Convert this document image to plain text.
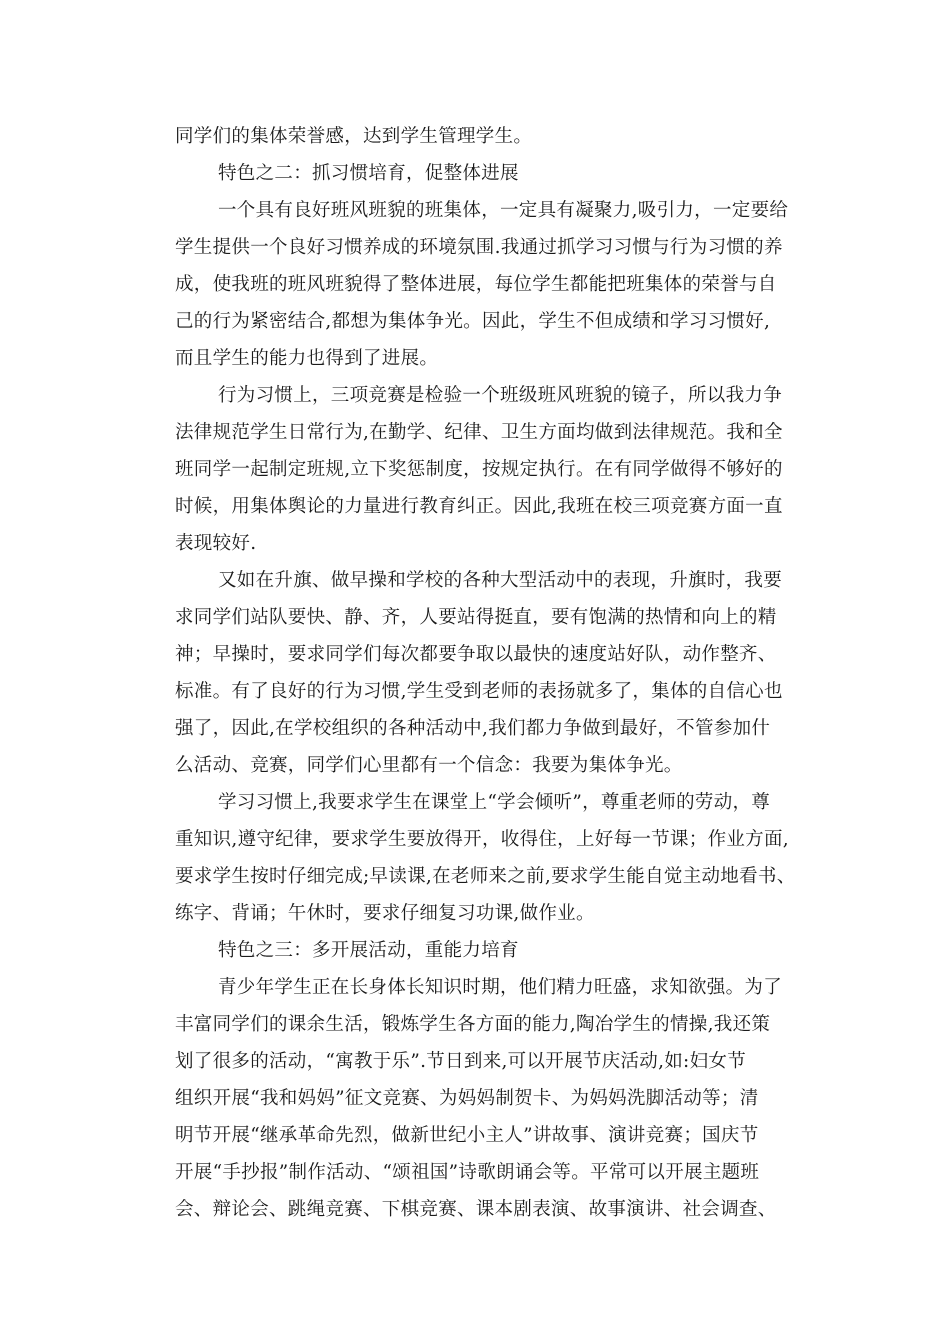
同学们的集体荣誉感，达到学生管理学生。
特色之二：抓习惯培育，促整体进展
一个具有良好班风班貌的班集体，一定具有凝聚力,吸引力，一定要给
学生提供一个良好习惯养成的环境氛围.我通过抓学习习惯与行为习惯的养
成，使我班的班风班貌得了整体进展，每位学生都能把班集体的荣誉与自
己的行为紧密结合,都想为集体争光。因此，学生不但成绩和学习习惯好,
而且学生的能力也得到了进展。
行为习惯上，三项竞赛是检验一个班级班风班貌的镜子，所以我力争
法律规范学生日常行为,在勤学、纪律、卫生方面均做到法律规范。我和全
班同学一起制定班规,立下奖惩制度，按规定执行。在有同学做得不够好的
时候，用集体舆论的力量进行教育纠正。因此,我班在校三项竞赛方面一直
表现较好.
又如在升旗、做早操和学校的各种大型活动中的表现，升旗时，我要
求同学们站队要快、静、齐，人要站得挺直，要有饱满的热情和向上的精
神；早操时，要求同学们每次都要争取以最快的速度站好队，动作整齐、
标准。有了良好的行为习惯,学生受到老师的表扬就多了，集体的自信心也
强了，因此,在学校组织的各种活动中,我们都力争做到最好，不管参加什
么活动、竞赛，同学们心里都有一个信念：我要为集体争光。
学习习惯上,我要求学生在课堂上“学会倾听”，尊重老师的劳动，尊
重知识,遵守纪律，要求学生要放得开，收得住，上好每一节课；作业方面,
要求学生按时仔细完成;早读课,在老师来之前,要求学生能自觉主动地看书、
练字、背诵；午休时，要求仔细复习功课,做作业。
特色之三：多开展活动，重能力培育
青少年学生正在长身体长知识时期，他们精力旺盛，求知欲强。为了
丰富同学们的课余生活，锻炼学生各方面的能力,陶冶学生的情操,我还策
划了很多的活动，“寓教于乐”.节日到来,可以开展节庆活动,如:妇女节
组织开展“我和妈妈”征文竞赛、为妈妈制贺卡、为妈妈洗脚活动等；清
明节开展“继承革命先烈，做新世纪小主人”讲故事、演讲竞赛；国庆节
开展“手抄报”制作活动、“颂祖国”诗歌朗诵会等。平常可以开展主题班
会、辩论会、跳绳竞赛、下棋竞赛、课本剧表演、故事演讲、社会调查、
